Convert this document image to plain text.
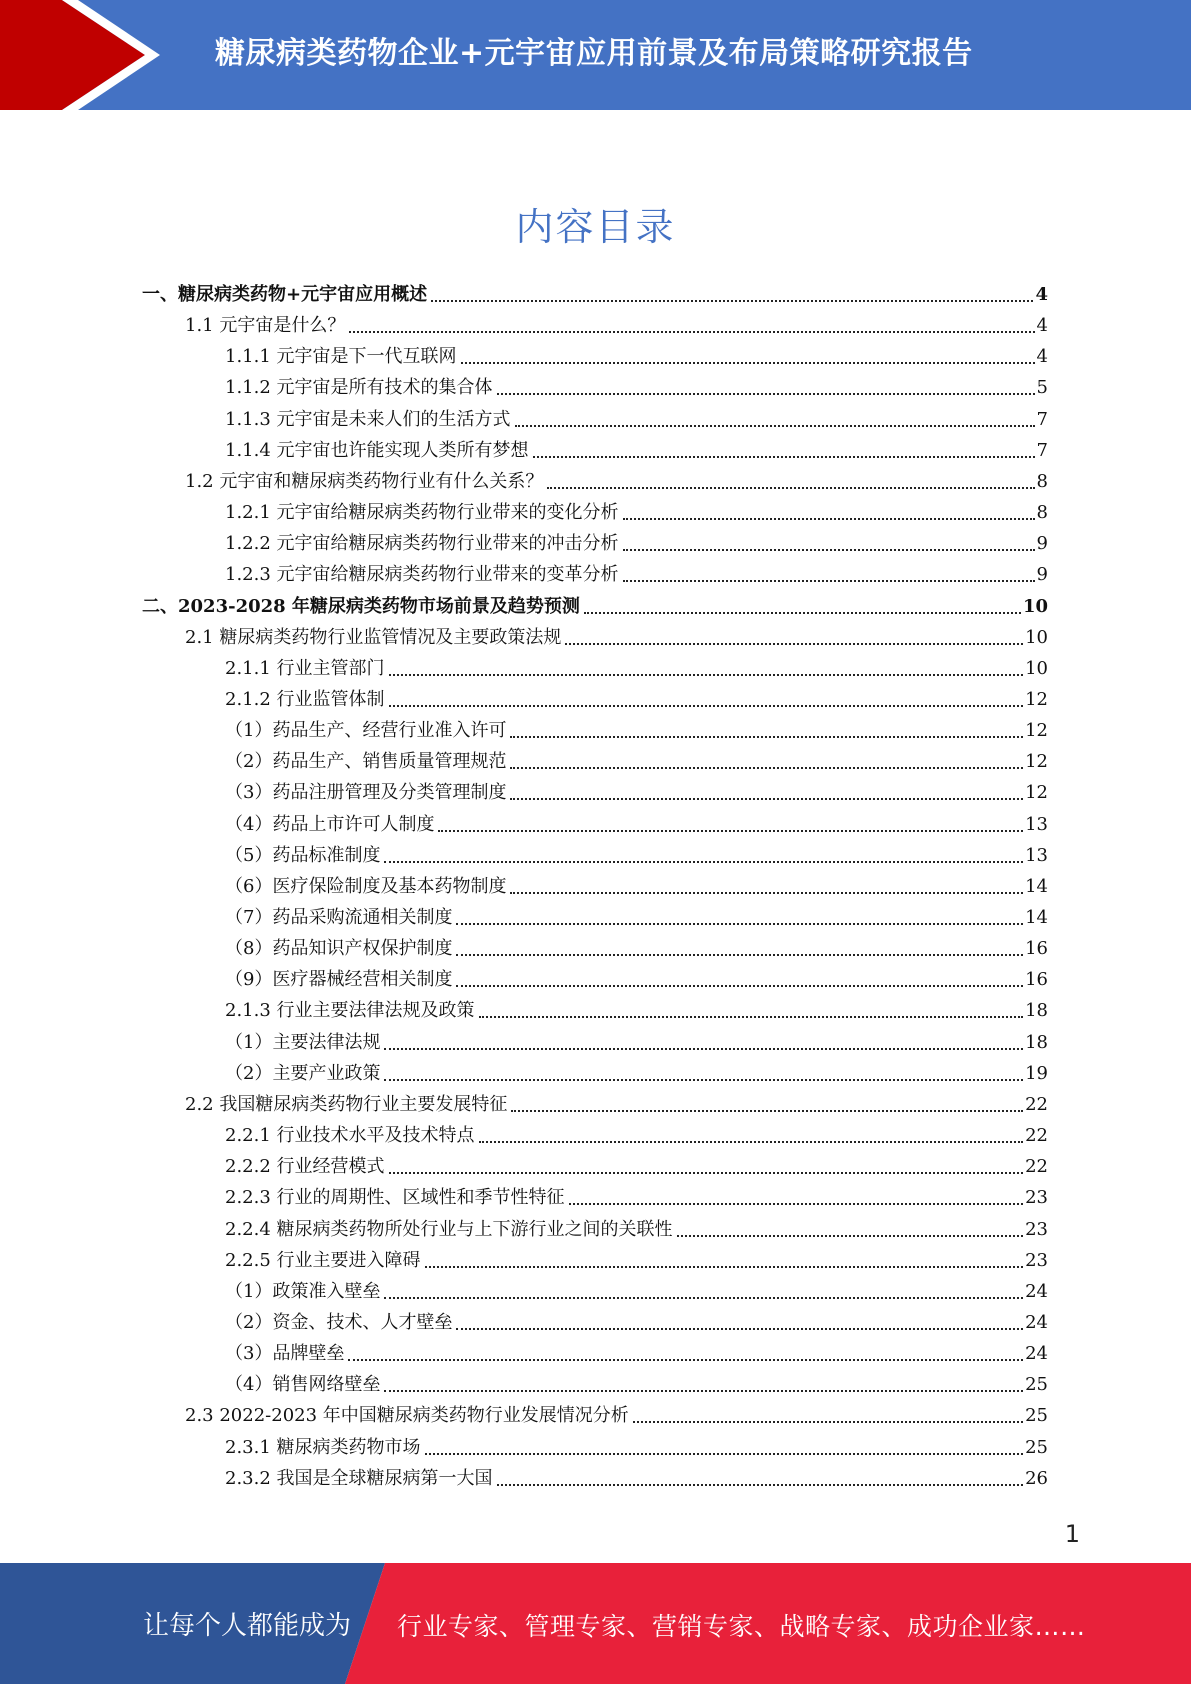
糖尿病类药物企业+元宇宙应用前景及布局策略研究报告
内容目录
一、糖尿病类药物+元宇宙应用概述	4
1.1 元宇宙是什么？	4
1.1.1 元宇宙是下一代互联网	4
1.1.2 元宇宙是所有技术的集合体	5
1.1.3 元宇宙是未来人们的生活方式	7
1.1.4 元宇宙也许能实现人类所有梦想	7
1.2 元宇宙和糖尿病类药物行业有什么关系？	8
1.2.1 元宇宙给糖尿病类药物行业带来的变化分析	8
1.2.2 元宇宙给糖尿病类药物行业带来的冲击分析	9
1.2.3 元宇宙给糖尿病类药物行业带来的变革分析	9
二、2023-2028 年糖尿病类药物市场前景及趋势预测	10
2.1 糖尿病类药物行业监管情况及主要政策法规	10
2.1.1 行业主管部门	10
2.1.2 行业监管体制	12
（1）药品生产、经营行业准入许可	12
（2）药品生产、销售质量管理规范	12
（3）药品注册管理及分类管理制度	12
（4）药品上市许可人制度	13
（5）药品标准制度	13
（6）医疗保险制度及基本药物制度	14
（7）药品采购流通相关制度	14
（8）药品知识产权保护制度	16
（9）医疗器械经营相关制度	16
2.1.3 行业主要法律法规及政策	18
（1）主要法律法规	18
（2）主要产业政策	19
2.2 我国糖尿病类药物行业主要发展特征	22
2.2.1 行业技术水平及技术特点	22
2.2.2 行业经营模式	22
2.2.3 行业的周期性、区域性和季节性特征	23
2.2.4 糖尿病类药物所处行业与上下游行业之间的关联性	23
2.2.5 行业主要进入障碍	23
（1）政策准入壁垒	24
（2）资金、技术、人才壁垒	24
（3）品牌壁垒	24
（4）销售网络壁垒	25
2.3 2022-2023 年中国糖尿病类药物行业发展情况分析	25
2.3.1 糖尿病类药物市场	25
2.3.2 我国是全球糖尿病第一大国	26
1
让每个人都能成为 行业专家、管理专家、营销专家、战略专家、成功企业家……
